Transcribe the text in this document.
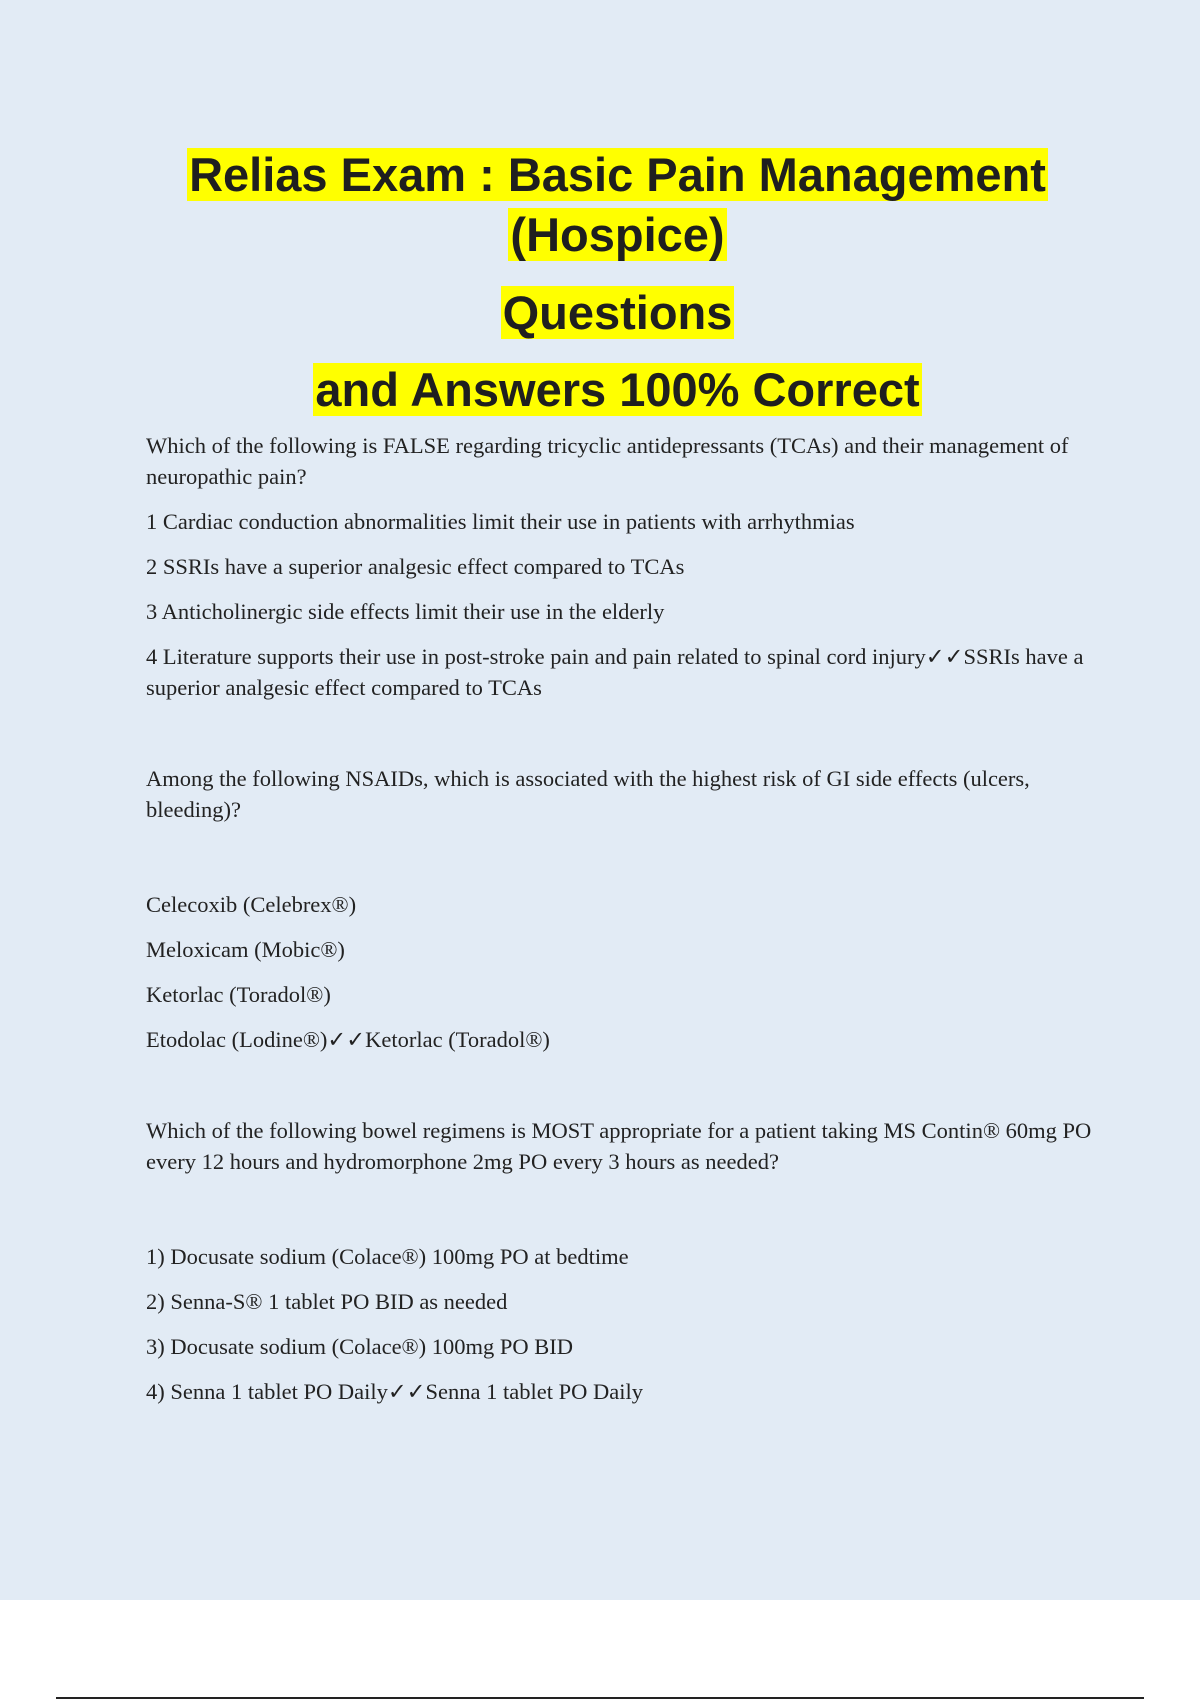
Relias Exam : Basic Pain Management

(Hospice)

Questions

and Answers 100% Correct

Which of the following is FALSE regarding tricyclic antidepressants (TCAs) and their management of neuropathic pain?

1 Cardiac conduction abnormalities limit their use in patients with arrhythmias

2 SSRIs have a superior analgesic effect compared to TCAs

3 Anticholinergic side effects limit their use in the elderly

4 Literature supports their use in post-stroke pain and pain related to spinal cord injury✓✓SSRIs have a superior analgesic effect compared to TCAs

Among the following NSAIDs, which is associated with the highest risk of GI side effects (ulcers, bleeding)?

Celecoxib (Celebrex®)

Meloxicam (Mobic®)

Ketorlac (Toradol®)

Etodolac (Lodine®)✓✓Ketorlac (Toradol®)

Which of the following bowel regimens is MOST appropriate for a patient taking MS Contin® 60mg PO every 12 hours and hydromorphone 2mg PO every 3 hours as needed?

1) Docusate sodium (Colace®) 100mg PO at bedtime

2) Senna-S® 1 tablet PO BID as needed

3) Docusate sodium (Colace®) 100mg PO BID

4) Senna 1 tablet PO Daily✓✓Senna 1 tablet PO Daily
